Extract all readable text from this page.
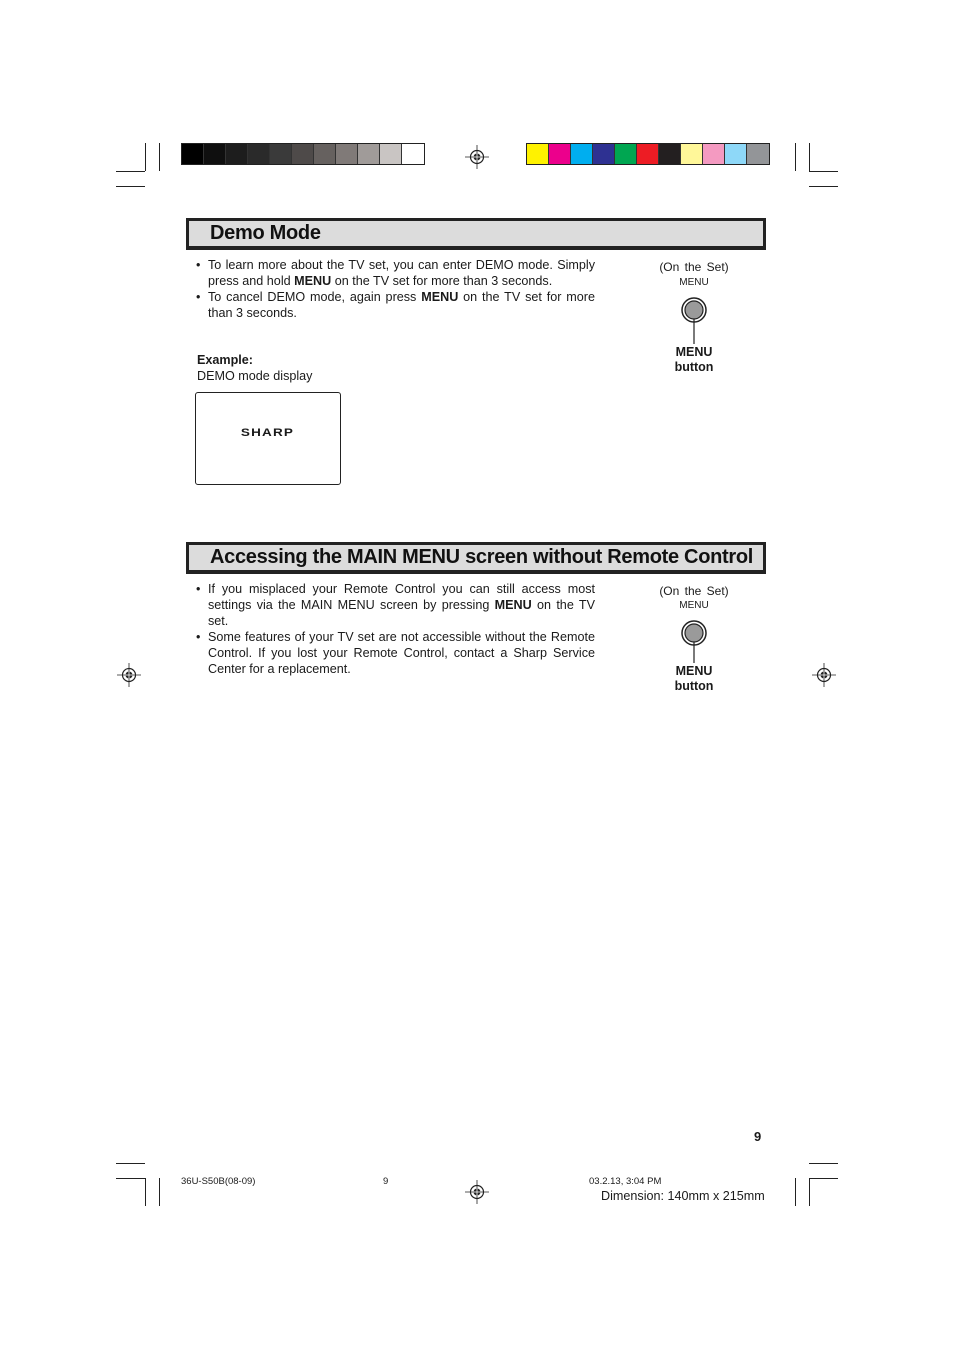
Demo Mode
• To learn more about the TV set, you can enter DEMO mode. Simply press and hold MENU on the TV set for more than 3 seconds.
• To cancel DEMO mode, again press MENU on the TV set for more than 3 seconds.
Example:
DEMO mode display
SHARP
(On the Set)
MENU
MENU
button
Accessing the MAIN MENU screen without Remote Control
• If you misplaced your Remote Control you can still access most settings via the MAIN MENU screen by pressing MENU on the TV set.
• Some features of your TV set are not accessible without the Remote Control. If you lost your Remote Control, contact a Sharp Service Center for a replacement.
(On the Set)
MENU
MENU
button
9
36U-S50B(08-09)	9	03.2.13, 3:04 PM
Dimension: 140mm x 215mm
